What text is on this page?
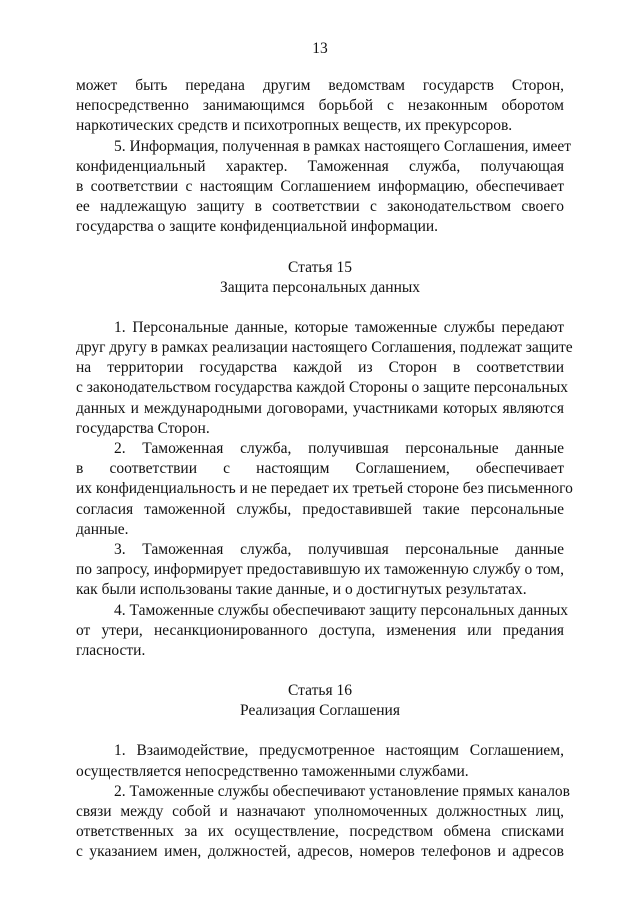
13
может быть передана другим ведомствам государств Сторон,
непосредственно занимающимся борьбой с незаконным оборотом
наркотических средств и психотропных веществ, их прекурсоров.
5. Информация, полученная в рамках настоящего Соглашения, имеет
конфиденциальный характер. Таможенная служба, получающая
в соответствии с настоящим Соглашением информацию, обеспечивает
ее надлежащую защиту в соответствии с законодательством своего
государства о защите конфиденциальной информации.
Статья 15
Защита персональных данных
1. Персональные данные, которые таможенные службы передают
друг другу в рамках реализации настоящего Соглашения, подлежат защите
на территории государства каждой из Сторон в соответствии
с законодательством государства каждой Стороны о защите персональных
данных и международными договорами, участниками которых являются
государства Сторон.
2. Таможенная служба, получившая персональные данные
в соответствии с настоящим Соглашением, обеспечивает
их конфиденциальность и не передает их третьей стороне без письменного
согласия таможенной службы, предоставившей такие персональные
данные.
3. Таможенная служба, получившая персональные данные
по запросу, информирует предоставившую их таможенную службу о том,
как были использованы такие данные, и о достигнутых результатах.
4. Таможенные службы обеспечивают защиту персональных данных
от утери, несанкционированного доступа, изменения или предания
гласности.
Статья 16
Реализация Соглашения
1. Взаимодействие, предусмотренное настоящим Соглашением,
осуществляется непосредственно таможенными службами.
2. Таможенные службы обеспечивают установление прямых каналов
связи между собой и назначают уполномоченных должностных лиц,
ответственных за их осуществление, посредством обмена списками
с указанием имен, должностей, адресов, номеров телефонов и адресов
